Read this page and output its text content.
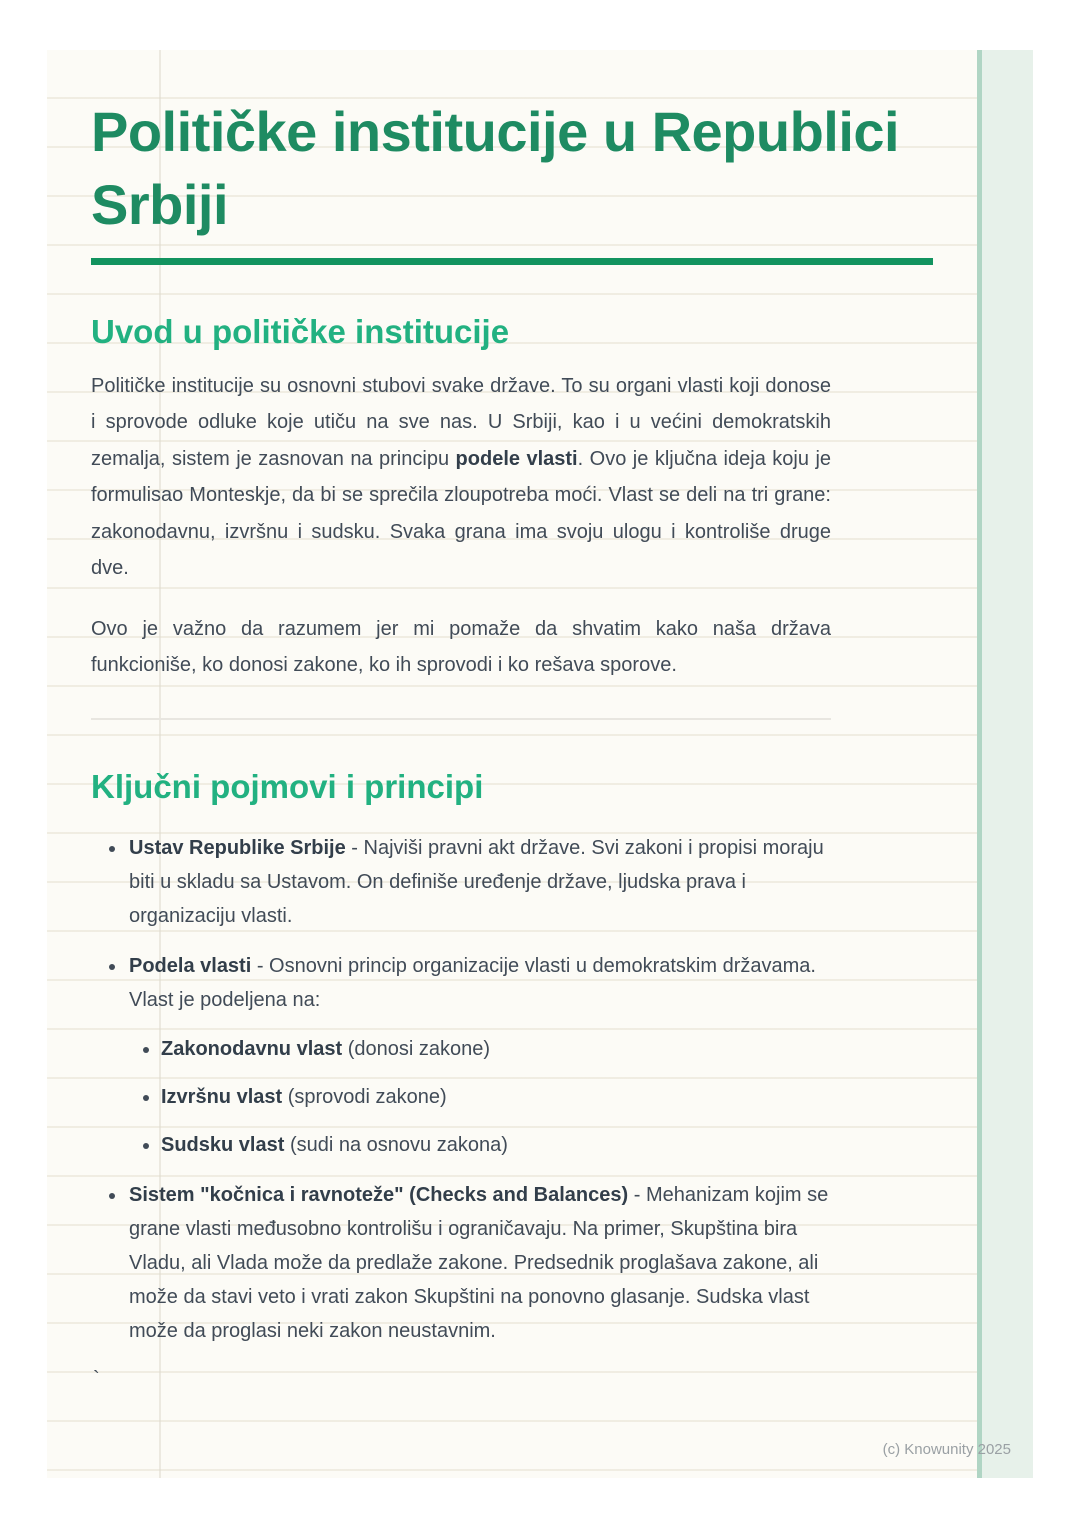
Političke institucije u Republici Srbiji
Uvod u političke institucije

Političke institucije su osnovni stubovi svake države. To su organi vlasti koji donose i sprovode odluke koje utiču na sve nas. U Srbiji, kao i u većini demokratskih zemalja, sistem je zasnovan na principu podele vlasti. Ovo je ključna ideja koju je formulisao Monteskje, da bi se sprečila zloupotreba moći. Vlast se deli na tri grane: zakonodavnu, izvršnu i sudsku. Svaka grana ima svoju ulogu i kontroliše druge dve.

Ovo je važno da razumem jer mi pomaže da shvatim kako naša država funkcioniše, ko donosi zakone, ko ih sprovodi i ko rešava sporove.

Ključni pojmovi i principi
• Ustav Republike Srbije - Najviši pravni akt države. Svi zakoni i propisi moraju biti u skladu sa Ustavom. On definiše uređenje države, ljudska prava i organizaciju vlasti.
• Podela vlasti - Osnovni princip organizacije vlasti u demokratskim državama. Vlast je podeljena na:
• Zakonodavnu vlast (donosi zakone)
• Izvršnu vlast (sprovodi zakone)
• Sudsku vlast (sudi na osnovu zakona)
• Sistem "kočnica i ravnoteže" (Checks and Balances) - Mehanizam kojim se grane vlasti međusobno kontrolišu i ograničavaju. Na primer, Skupština bira Vladu, ali Vlada može da predlaže zakone. Predsednik proglašava zakone, ali može da stavi veto i vrati zakon Skupštini na ponovno glasanje. Sudska vlast može da proglasi neki zakon neustavnim.
`
(c) Knowunity 2025
